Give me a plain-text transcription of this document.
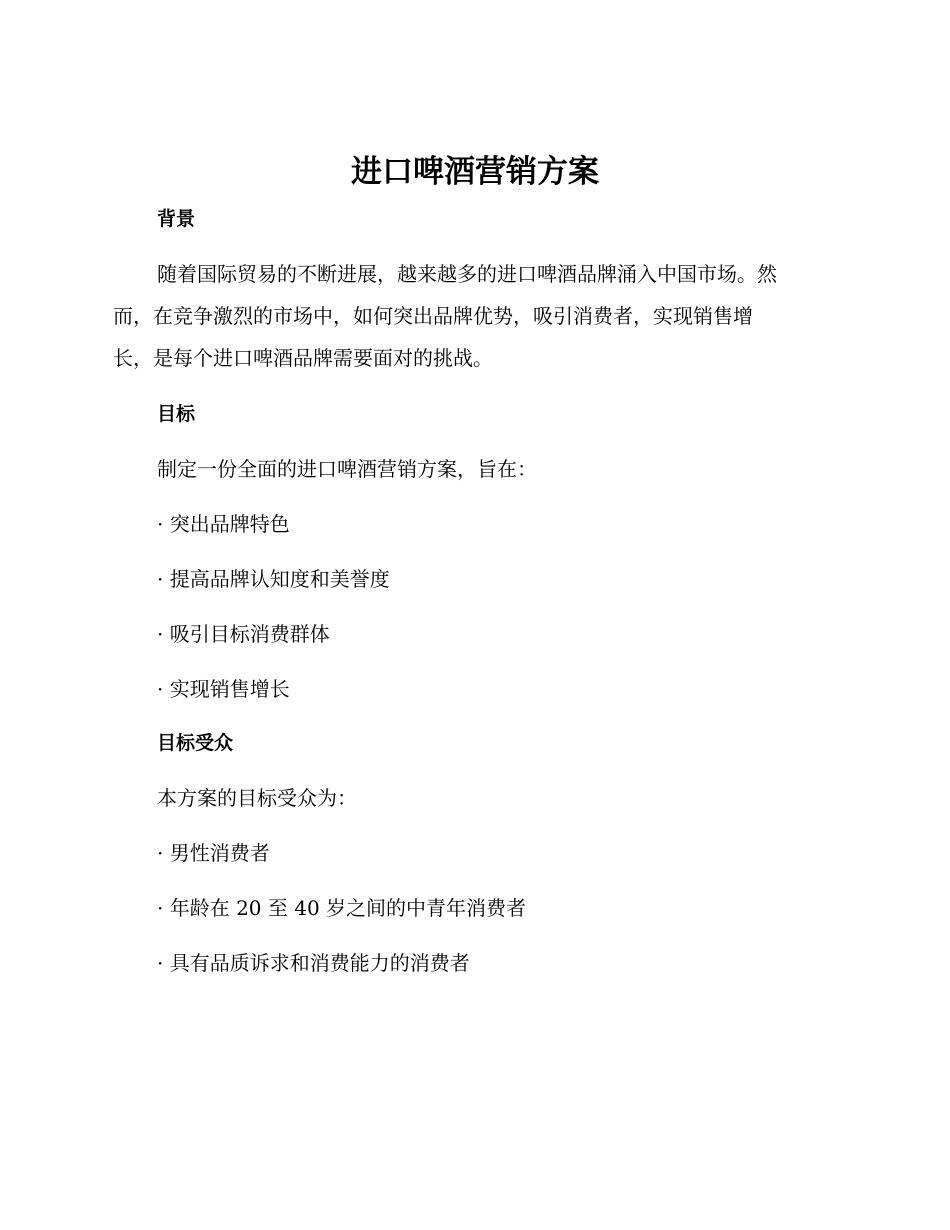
进口啤酒营销方案
背景

随着国际贸易的不断进展，越来越多的进口啤酒品牌涌入中国市场。然

而，在竞争激烈的市场中，如何突出品牌优势，吸引消费者，实现销售增

长，是每个进口啤酒品牌需要面对的挑战。

目标

制定一份全面的进口啤酒营销方案，旨在：

· 突出品牌特色

· 提高品牌认知度和美誉度

· 吸引目标消费群体

· 实现销售增长

目标受众

本方案的目标受众为：

· 男性消费者

· 年龄在 20 至 40 岁之间的中青年消费者

· 具有品质诉求和消费能力的消费者
